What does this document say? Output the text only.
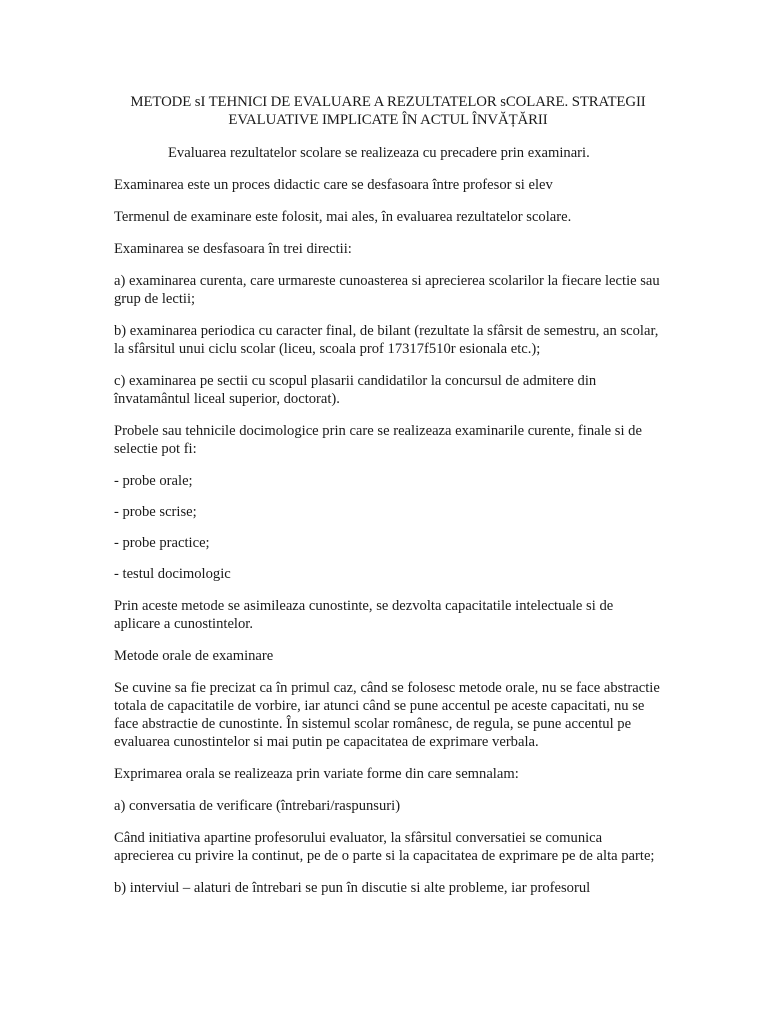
METODE sI TEHNICI DE EVALUARE A REZULTATELOR sCOLARE. STRATEGII
EVALUATIVE IMPLICATE ÎN ACTUL ÎNVĂȚĂRII

Evaluarea rezultatelor scolare se realizeaza cu precadere prin examinari.

Examinarea este un proces didactic care se desfasoara între profesor si elev

Termenul de examinare este folosit, mai ales, în evaluarea rezultatelor scolare.

Examinarea se desfasoara în trei directii:

a) examinarea curenta, care urmareste cunoasterea si aprecierea scolarilor la fiecare lectie sau grup de lectii;

b) examinarea periodica cu caracter final, de bilant (rezultate la sfârsit de semestru, an scolar, la sfârsitul unui ciclu scolar (liceu, scoala prof 17317f510r esionala etc.);

c) examinarea pe sectii cu scopul plasarii candidatilor la concursul de admitere din învatamântul liceal superior, doctorat).

Probele sau tehnicile docimologice prin care se realizeaza examinarile curente, finale si de selectie pot fi:

- probe orale;

- probe scrise;

- probe practice;

- testul docimologic

Prin aceste metode se asimileaza cunostinte, se dezvolta capacitatile intelectuale si de aplicare a cunostintelor.

Metode orale de examinare

Se cuvine sa fie precizat ca în primul caz, când se folosesc metode orale, nu se face abstractie totala de capacitatile de vorbire, iar atunci când se pune accentul pe aceste capacitati, nu se face abstractie de cunostinte. În sistemul scolar românesc, de regula, se pune accentul pe evaluarea cunostintelor si mai putin pe capacitatea de exprimare verbala.

Exprimarea orala se realizeaza prin variate forme din care semnalam:

a) conversatia de verificare (întrebari/raspunsuri)

Când initiativa apartine profesorului evaluator, la sfârsitul conversatiei se comunica aprecierea cu privire la continut, pe de o parte si la capacitatea de exprimare pe de alta parte;

b) interviul – alaturi de întrebari se pun în discutie si alte probleme, iar profesorul
